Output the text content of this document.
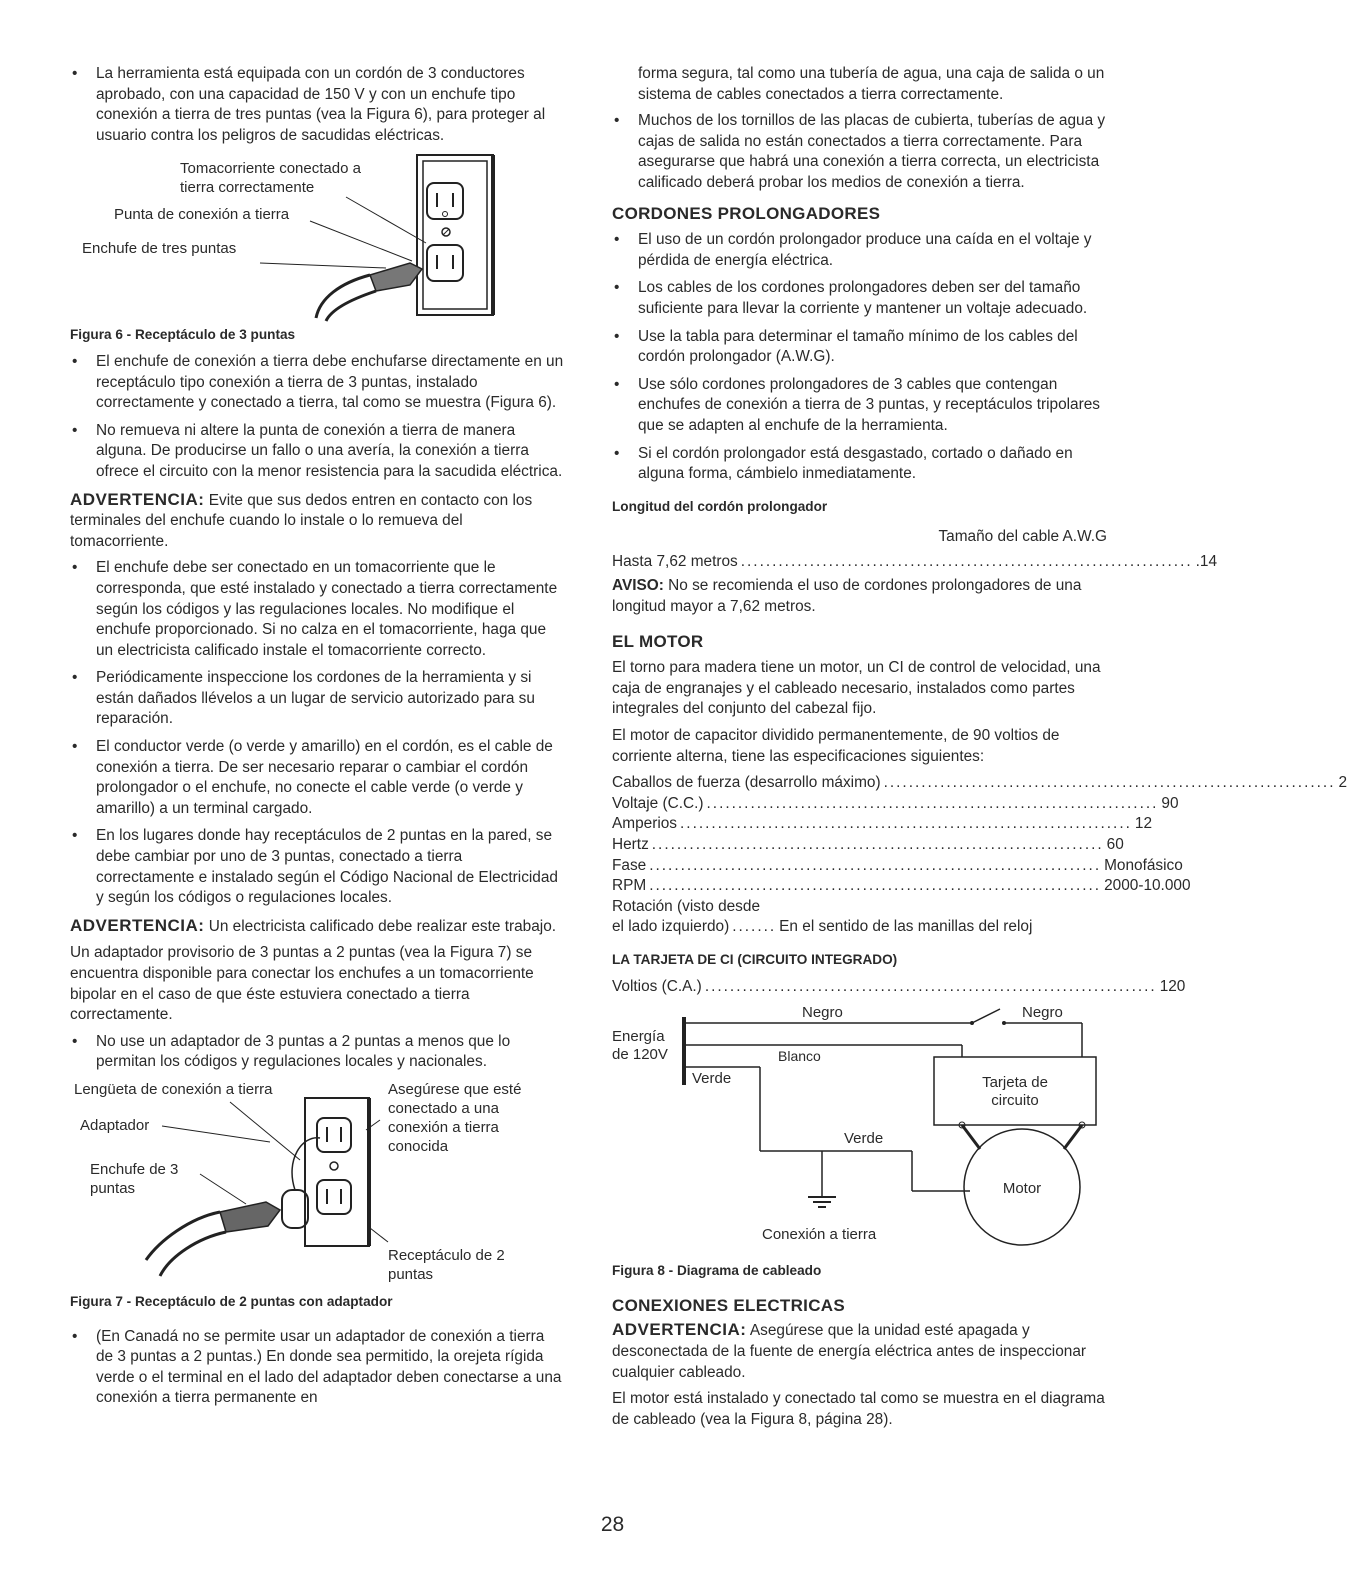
• La herramienta está equipada con un cordón de 3 conductores aprobado, con una capacidad de 150 V y con un enchufe tipo conexión a tierra de tres puntas (vea la Figura 6), para proteger al usuario contra los peligros de sacudidas eléctricas.
Tomacorriente conectado a tierra correctamente
Punta de conexión a tierra
Enchufe de tres puntas
Figura 6 - Receptáculo de 3 puntas
• El enchufe de conexión a tierra debe enchufarse directamente en un receptáculo tipo conexión a tierra de 3 puntas, instalado correctamente y conectado a tierra, tal como se muestra (Figura 6).
• No remueva ni altere la punta de conexión a tierra de manera alguna. De producirse un fallo o una avería, la conexión a tierra ofrece el circuito con la menor resistencia para la sacudida eléctrica.

ADVERTENCIA: Evite que sus dedos entren en contacto con los terminales del enchufe cuando lo instale o lo remueva del tomacorriente.

• El enchufe debe ser conectado en un tomacorriente que le corresponda, que esté instalado y conectado a tierra correctamente según los códigos y las regulaciones locales. No modifique el enchufe proporcionado. Si no calza en el tomacorriente, haga que un electricista calificado instale el tomacorriente correcto.
• Periódicamente inspeccione los cordones de la herramienta y si están dañados llévelos a un lugar de servicio autorizado para su reparación.
• El conductor verde (o verde y amarillo) en el cordón, es el cable de conexión a tierra. De ser necesario reparar o cambiar el cordón prolongador o el enchufe, no conecte el cable verde (o verde y amarillo) a un terminal cargado.
• En los lugares donde hay receptáculos de 2 puntas en la pared, se debe cambiar por uno de 3 puntas, conectado a tierra correctamente e instalado según el Código Nacional de Electricidad y según los códigos o regulaciones locales.

ADVERTENCIA: Un electricista calificado debe realizar este trabajo.

Un adaptador provisorio de 3 puntas a 2 puntas (vea la Figura 7) se encuentra disponible para conectar los enchufes a un tomacorriente bipolar en el caso de que éste estuviera conectado a tierra correctamente.

• No use un adaptador de 3 puntas a 2 puntas a menos que lo permitan los códigos y regulaciones locales y nacionales.
Lengüeta de conexión a tierra
Adaptador
Enchufe de 3 puntas
Asegúrese que esté conectado a una conexión a tierra conocida
Receptáculo de 2 puntas
Figura 7 - Receptáculo de 2 puntas con adaptador
• (En Canadá no se permite usar un adaptador de conexión a tierra de 3 puntas a 2 puntas.) En donde sea permitido, la orejeta rígida verde o el terminal en el lado del adaptador deben conectarse a una conexión a tierra permanente en

forma segura, tal como una tubería de agua, una caja de salida o un sistema de cables conectados a tierra correctamente.

• Muchos de los tornillos de las placas de cubierta, tuberías de agua y cajas de salida no están conectados a tierra correctamente. Para asegurarse que habrá una conexión a tierra correcta, un electricista calificado deberá probar los medios de conexión a tierra.
CORDONES PROLONGADORES
• El uso de un cordón prolongador produce una caída en el voltaje y pérdida de energía eléctrica.
• Los cables de los cordones prolongadores deben ser del tamaño suficiente para llevar la corriente y mantener un voltaje adecuado.
• Use la tabla para determinar el tamaño mínimo de los cables del cordón prolongador (A.W.G).
• Use sólo cordones prolongadores de 3 cables que contengan enchufes de conexión a tierra de 3 puntas, y receptáculos tripolares que se adapten al enchufe de la herramienta.
• Si el cordón prolongador está desgastado, cortado o dañado en alguna forma, cámbielo inmediatamente.
Longitud del cordón prolongador
Tamaño del cable A.W.G
Hasta 7,62 metros ........................................................................ .14

AVISO: No se recomienda el uso de cordones prolongadores de una longitud mayor a 7,62 metros.

EL MOTOR

El torno para madera tiene un motor, un CI de control de velocidad, una caja de engranajes y el cableado necesario, instalados como partes integrales del conjunto del cabezal fijo.

El motor de capacitor dividido permanentemente, de 90 voltios de corriente alterna, tiene las especificaciones siguientes:

Caballos de fuerza (desarrollo máximo) ........................................................................ 2
Voltaje (C.C.) ........................................................................ 90
Amperios ........................................................................ 12
Hertz ........................................................................ 60
Fase ........................................................................ Monofásico
RPM ........................................................................ 2000-10.000
Rotación (visto desde
el lado izquierdo) ....... En el sentido de las manillas del reloj
LA TARJETA DE CI (CIRCUITO INTEGRADO)
Voltios (C.A.) ........................................................................ 120
Energía
de 120V
Negro	Negro
Blanco
Verde
Verde
Tarjeta de
circuito
Motor
Conexión a tierra
Figura 8 - Diagrama de cableado
CONEXIONES ELECTRICAS

ADVERTENCIA: Asegúrese que la unidad esté apagada y desconectada de la fuente de energía eléctrica antes de inspeccionar cualquier cableado.

El motor está instalado y conectado tal como se muestra en el diagrama de cableado (vea la Figura 8, página 28).

28
